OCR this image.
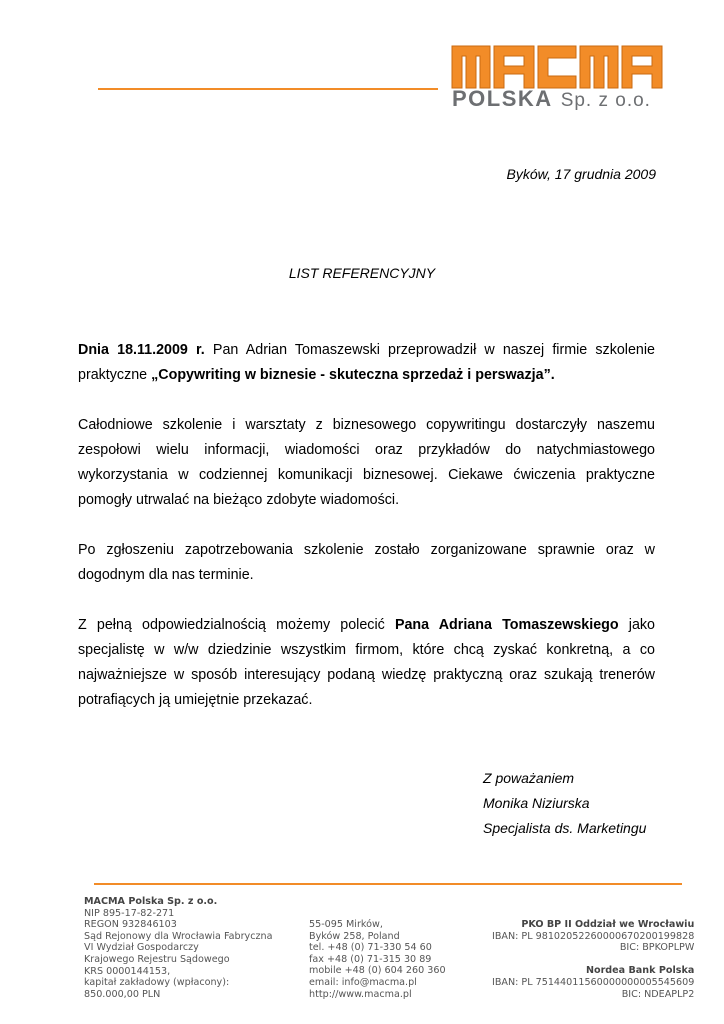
POLSKA Sp. z o.o.
Byków, 17 grudnia 2009
LIST REFERENCYJNY

Dnia 18.11.2009 r. Pan Adrian Tomaszewski przeprowadził w naszej firmie szkolenie praktyczne „Copywriting w biznesie - skuteczna sprzedaż i perswazja”.

Całodniowe szkolenie i warsztaty z biznesowego copywritingu dostarczyły naszemu zespołowi wielu informacji, wiadomości oraz przykładów do natychmiastowego wykorzystania w codziennej komunikacji biznesowej. Ciekawe ćwiczenia praktyczne pomogły utrwalać na bieżąco zdobyte wiadomości.

Po zgłoszeniu zapotrzebowania szkolenie zostało zorganizowane sprawnie oraz w dogodnym dla nas terminie.

Z pełną odpowiedzialnością możemy polecić Pana Adriana Tomaszewskiego jako specjalistę w w/w dziedzinie wszystkim firmom, które chcą zyskać konkretną, a co najważniejsze w sposób interesujący podaną wiedzę praktyczną oraz szukają trenerów potrafiących ją umiejętnie przekazać.

Z poważaniem
Monika Niziurska
Specjalista ds. Marketingu
MACMA Polska Sp. z o.o.
NIP 895-17-82-271
REGON 932846103
Sąd Rejonowy dla Wrocławia Fabryczna
VI Wydział Gospodarczy
Krajowego Rejestru Sądowego
KRS 0000144153,
kapitał zakładowy (wpłacony):
850.000,00 PLN
55-095 Mirków,
Byków 258, Poland
tel. +48 (0) 71-330 54 60
fax +48 (0) 71-315 30 89
mobile +48 (0) 604 260 360
email: info@macma.pl
http://www.macma.pl
PKO BP II Oddział we Wrocławiu
IBAN: PL 98102052260000670200199828
BIC: BPKOPLPW

Nordea Bank Polska
IBAN: PL 75144011560000000005545609
BIC: NDEAPLP2
